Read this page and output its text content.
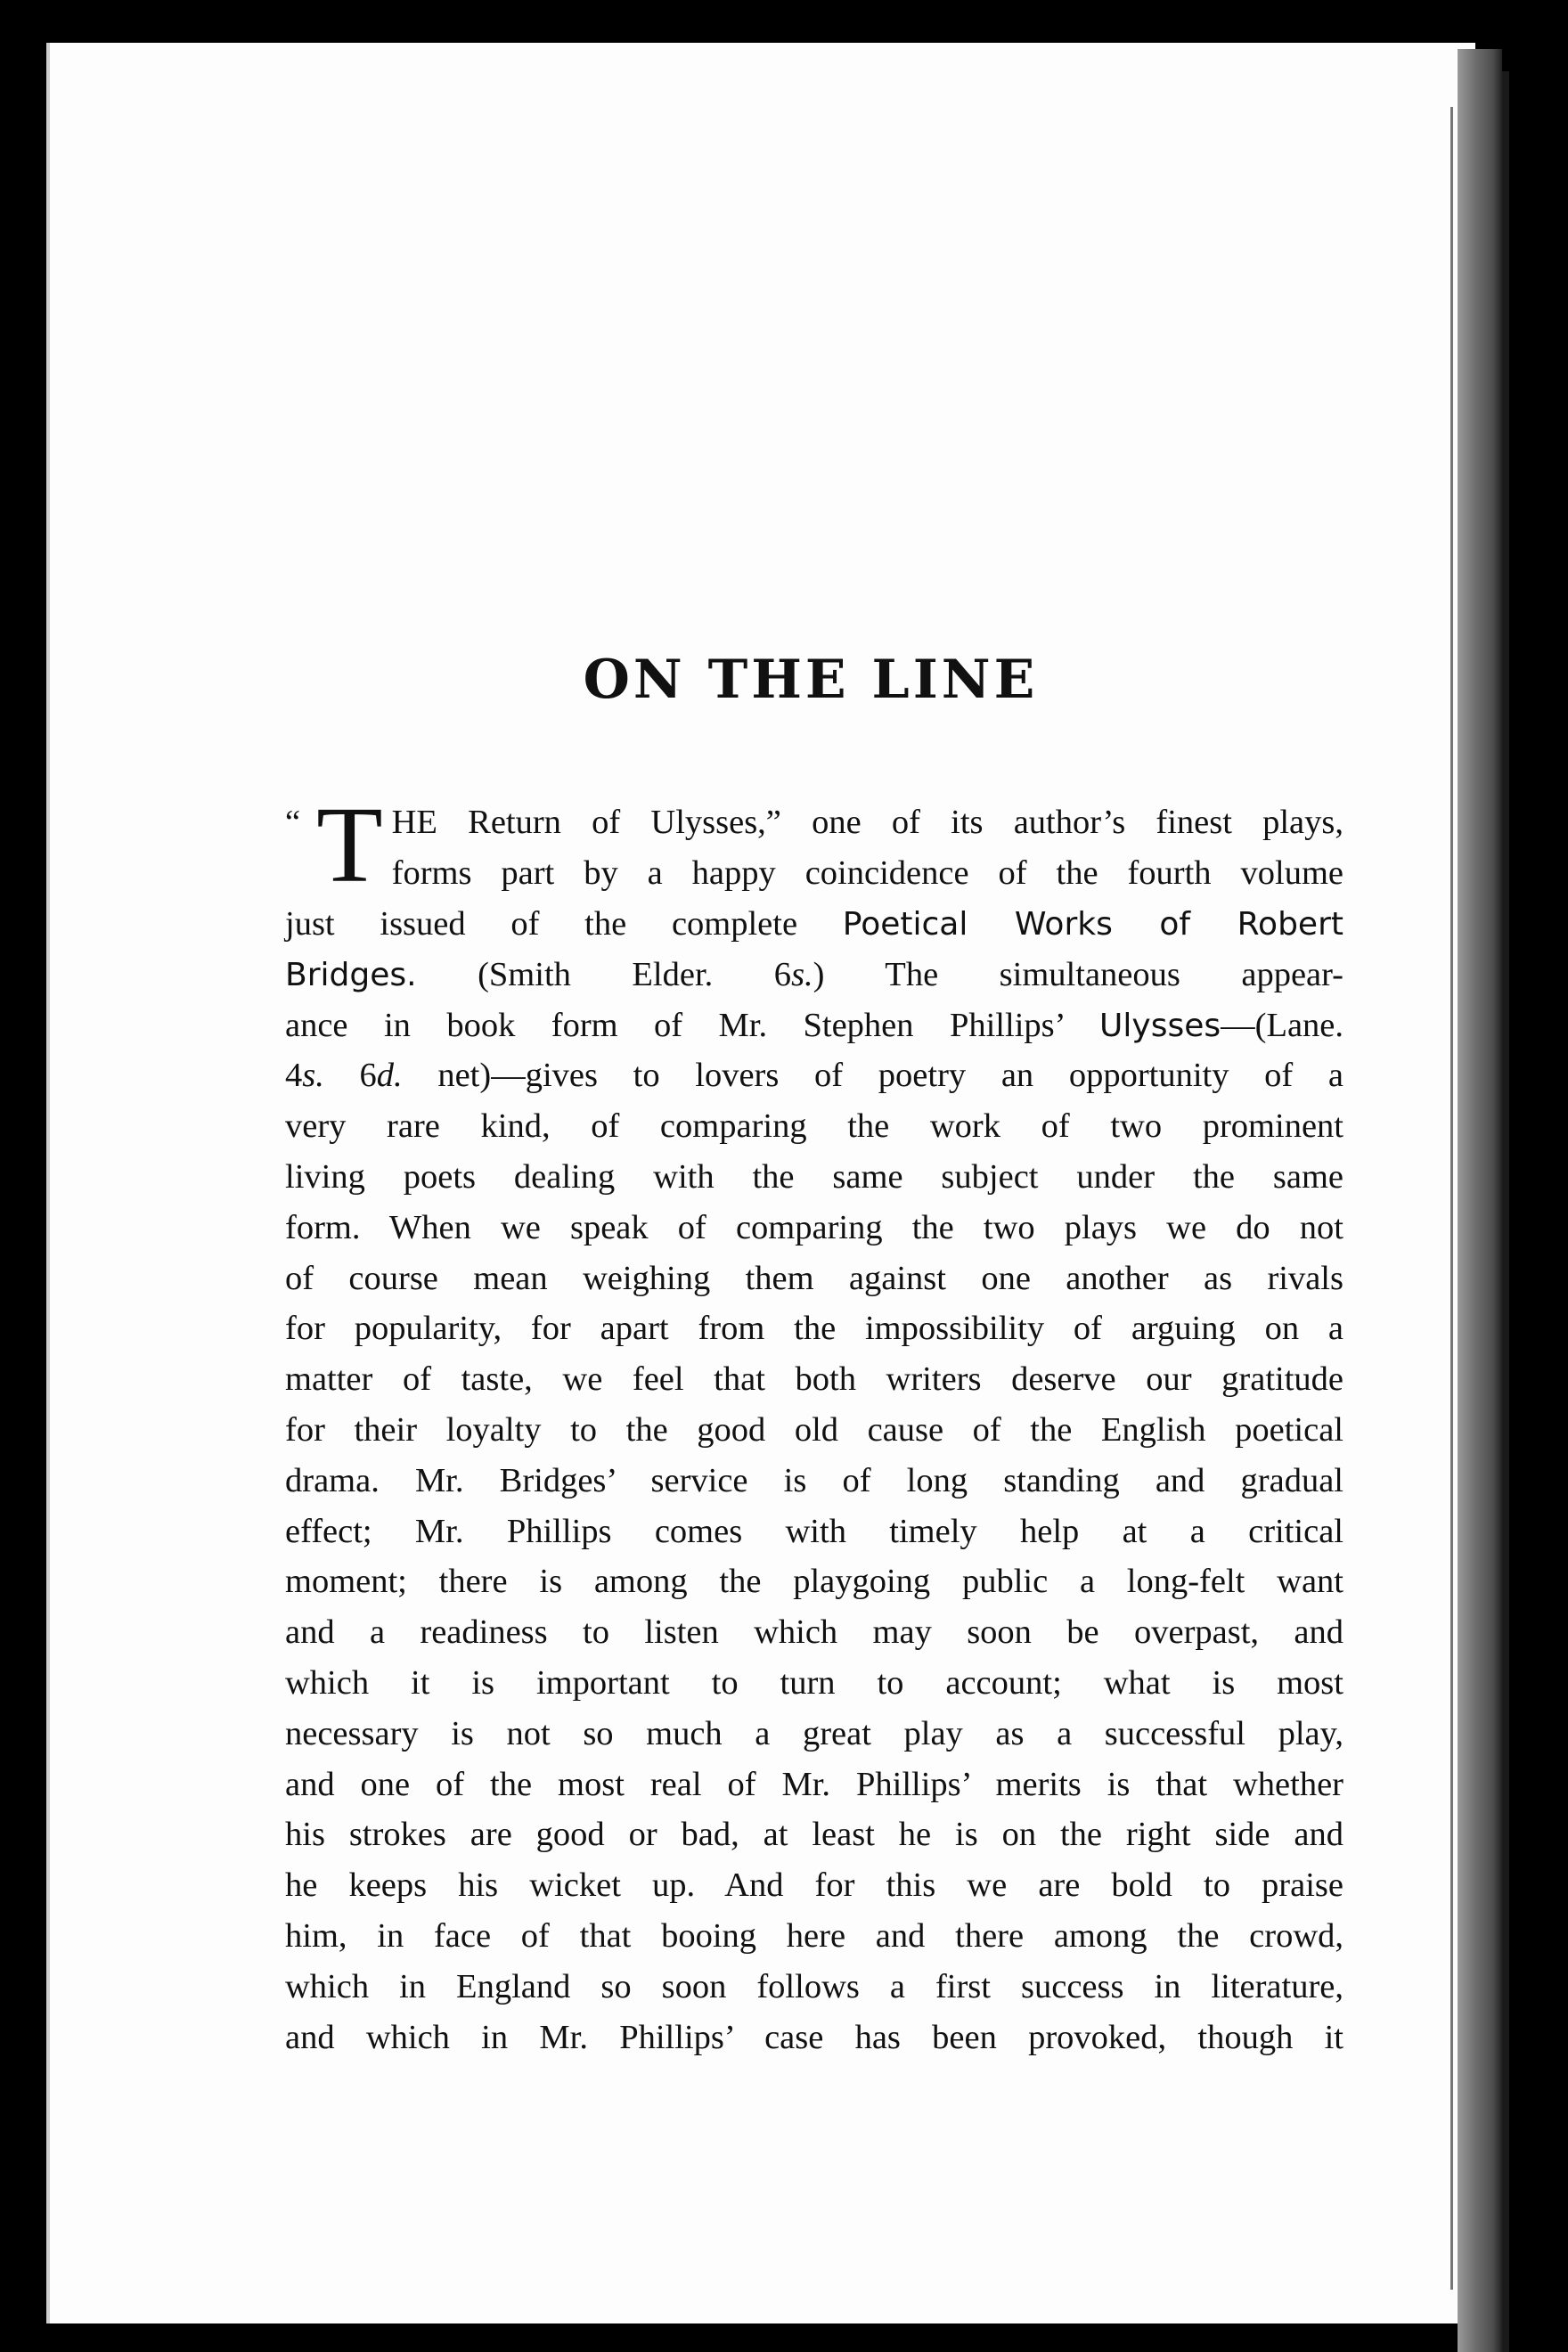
ON THE LINE
“ T HE Return of Ulysses,” one of its author’s finest plays,
forms part by a happy coincidence of the fourth volume
just issued of the complete Poetical Works of Robert
Bridges. (Smith Elder. 6s.) The simultaneous appear-
ance in book form of Mr. Stephen Phillips’ Ulysses—(Lane.
4s. 6d. net)—gives to lovers of poetry an opportunity of a
very rare kind, of comparing the work of two prominent
living poets dealing with the same subject under the same
form. When we speak of comparing the two plays we do not
of course mean weighing them against one another as rivals
for popularity, for apart from the impossibility of arguing on a
matter of taste, we feel that both writers deserve our gratitude
for their loyalty to the good old cause of the English poetical
drama. Mr. Bridges’ service is of long standing and gradual
effect; Mr. Phillips comes with timely help at a critical
moment; there is among the playgoing public a long-felt want
and a readiness to listen which may soon be overpast, and
which it is important to turn to account; what is most
necessary is not so much a great play as a successful play,
and one of the most real of Mr. Phillips’ merits is that whether
his strokes are good or bad, at least he is on the right side and
he keeps his wicket up. And for this we are bold to praise
him, in face of that booing here and there among the crowd,
which in England so soon follows a first success in literature,
and which in Mr. Phillips’ case has been provoked, though it
